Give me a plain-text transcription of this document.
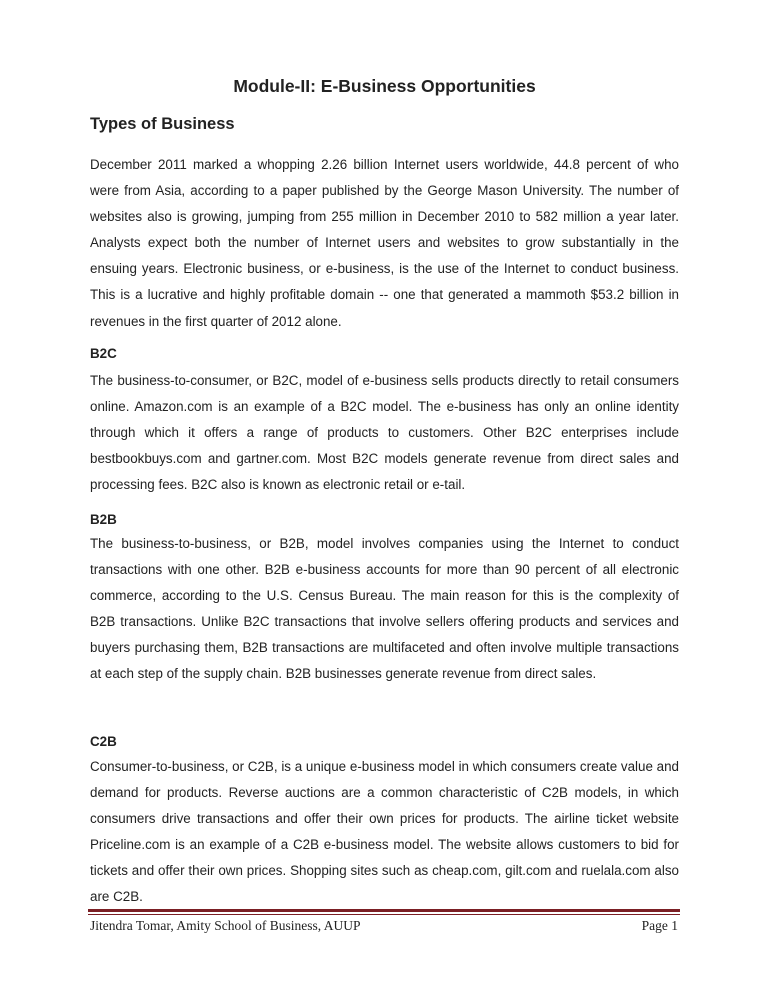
Module-II: E-Business Opportunities
Types of Business

December 2011 marked a whopping 2.26 billion Internet users worldwide, 44.8 percent of who were from Asia, according to a paper published by the George Mason University. The number of websites also is growing, jumping from 255 million in December 2010 to 582 million a year later. Analysts expect both the number of Internet users and websites to grow substantially in the ensuing years. Electronic business, or e-business, is the use of the Internet to conduct business. This is a lucrative and highly profitable domain -- one that generated a mammoth $53.2 billion in revenues in the first quarter of 2012 alone.

B2C

The business-to-consumer, or B2C, model of e-business sells products directly to retail consumers online. Amazon.com is an example of a B2C model. The e-business has only an online identity through which it offers a range of products to customers. Other B2C enterprises include bestbookbuys.com and gartner.com. Most B2C models generate revenue from direct sales and processing fees. B2C also is known as electronic retail or e-tail.

B2B

The business-to-business, or B2B, model involves companies using the Internet to conduct transactions with one other. B2B e-business accounts for more than 90 percent of all electronic commerce, according to the U.S. Census Bureau. The main reason for this is the complexity of B2B transactions. Unlike B2C transactions that involve sellers offering products and services and buyers purchasing them, B2B transactions are multifaceted and often involve multiple transactions at each step of the supply chain. B2B businesses generate revenue from direct sales.

C2B

Consumer-to-business, or C2B, is a unique e-business model in which consumers create value and demand for products. Reverse auctions are a common characteristic of C2B models, in which consumers drive transactions and offer their own prices for products. The airline ticket website Priceline.com is an example of a C2B e-business model. The website allows customers to bid for tickets and offer their own prices. Shopping sites such as cheap.com, gilt.com and ruelala.com also are C2B.

Jitendra Tomar, Amity School of Business, AUUP	Page 1
